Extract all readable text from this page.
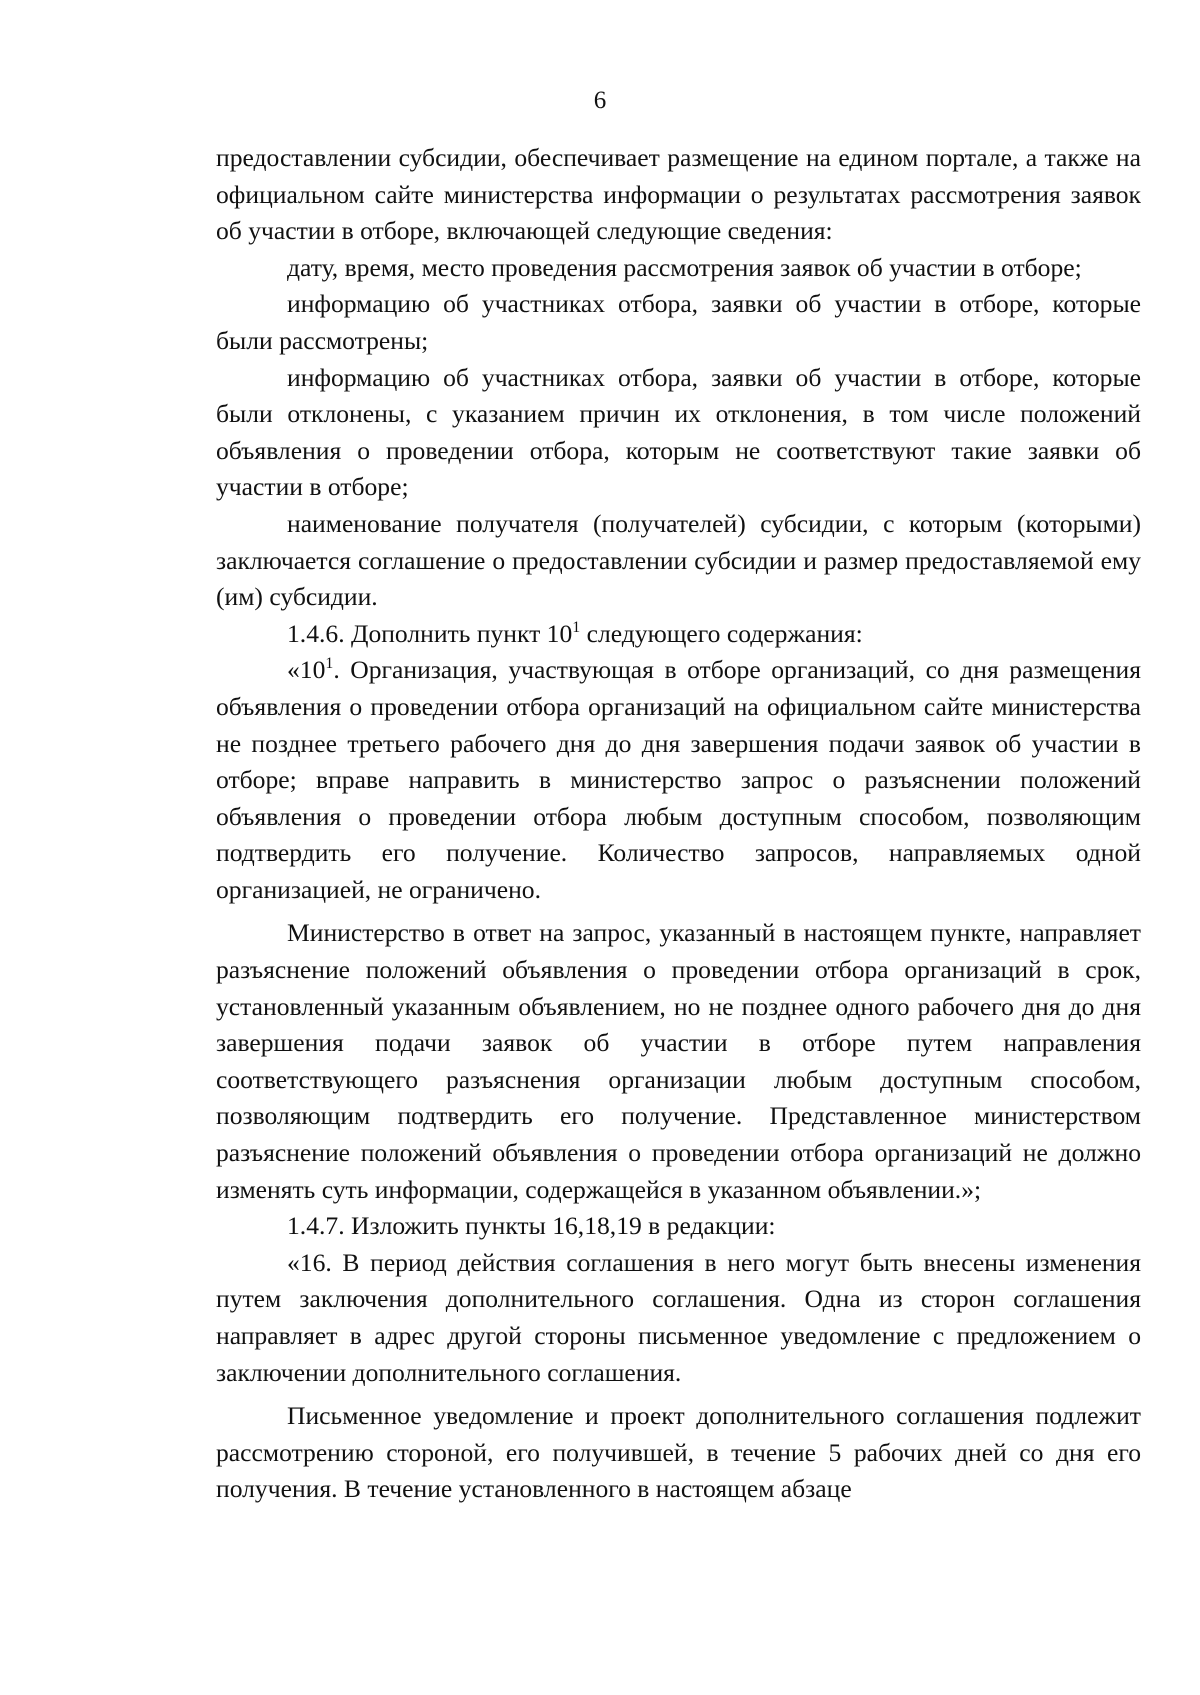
6

предоставлении субсидии, обеспечивает размещение на едином портале, а также на официальном сайте министерства информации о результатах рассмотрения заявок об участии в отборе, включающей следующие сведения:

дату, время, место проведения рассмотрения заявок об участии в отборе;

информацию об участниках отбора, заявки об участии в отборе, которые были рассмотрены;

информацию об участниках отбора, заявки об участии в отборе, которые были отклонены, с указанием причин их отклонения, в том числе положений объявления о проведении отбора, которым не соответствуют такие заявки об участии в отборе;

наименование получателя (получателей) субсидии, с которым (которыми) заключается соглашение о предоставлении субсидии и размер предоставляемой ему (им) субсидии.

1.4.6. Дополнить пункт $10^1$ следующего содержания:

«$10^1$. Организация, участвующая в отборе организаций, со дня размещения объявления о проведении отбора организаций на официальном сайте министерства не позднее третьего рабочего дня до дня завершения подачи заявок об участии в отборе; вправе направить в министерство запрос о разъяснении положений объявления о проведении отбора любым доступным способом, позволяющим подтвердить его получение. Количество запросов, направляемых одной организацией, не ограничено.

Министерство в ответ на запрос, указанный в настоящем пункте, направляет разъяснение положений объявления о проведении отбора организаций в срок, установленный указанным объявлением, но не позднее одного рабочего дня до дня завершения подачи заявок об участии в отборе путем направления соответствующего разъяснения организации любым доступным способом, позволяющим подтвердить его получение. Представленное министерством разъяснение положений объявления о проведении отбора организаций не должно изменять суть информации, содержащейся в указанном объявлении.»;

1.4.7. Изложить пункты 16,18,19 в редакции:

«16. В период действия соглашения в него могут быть внесены изменения путем заключения дополнительного соглашения. Одна из сторон соглашения направляет в адрес другой стороны письменное уведомление с предложением о заключении дополнительного соглашения.

Письменное уведомление и проект дополнительного соглашения подлежит рассмотрению стороной, его получившей, в течение 5 рабочих дней со дня его получения. В течение установленного в настоящем абзаце
